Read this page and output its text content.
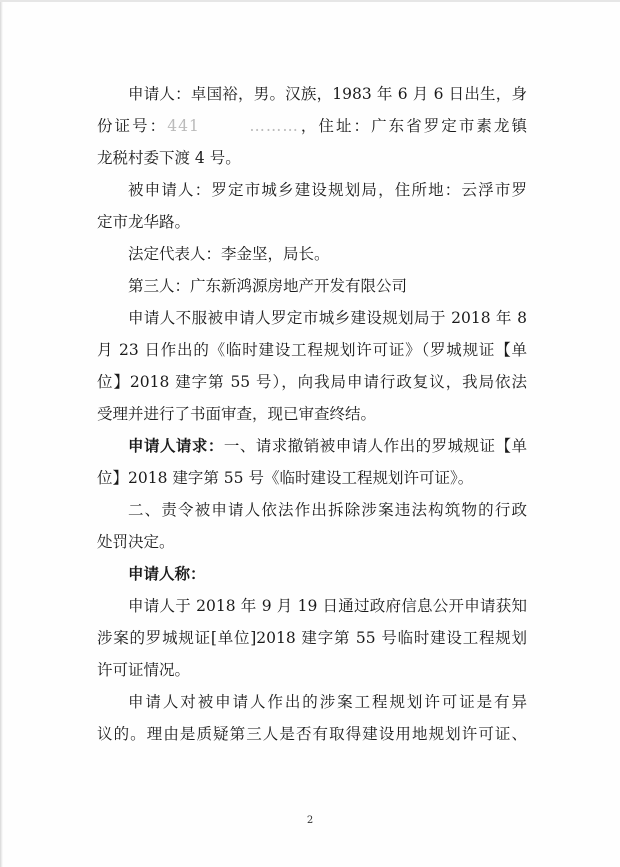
申请人：卓国裕，男。汉族，1983 年 6 月 6 日出生，身
份证号：441   	………，住址：广东省罗定市素龙镇
龙税村委下渡 4 号。
被申请人：罗定市城乡建设规划局，住所地：云浮市罗
定市龙华路。
法定代表人：李金坚，局长。
第三人：广东新鸿源房地产开发有限公司
申请人不服被申请人罗定市城乡建设规划局于 2018 年 8
月 23 日作出的《临时建设工程规划许可证》（罗城规证【单
位】2018 建字第 55 号），向我局申请行政复议，我局依法
受理并进行了书面审查，现已审查终结。
申请人请求：一、请求撤销被申请人作出的罗城规证【单
位】2018 建字第 55 号《临时建设工程规划许可证》。
二、责令被申请人依法作出拆除涉案违法构筑物的行政
处罚决定。
申请人称：
申请人于 2018 年 9 月 19 日通过政府信息公开申请获知
涉案的罗城规证[单位]2018 建字第 55 号临时建设工程规划
许可证情况。
申请人对被申请人作出的涉案工程规划许可证是有异
议的。理由是质疑第三人是否有取得建设用地规划许可证、
2
